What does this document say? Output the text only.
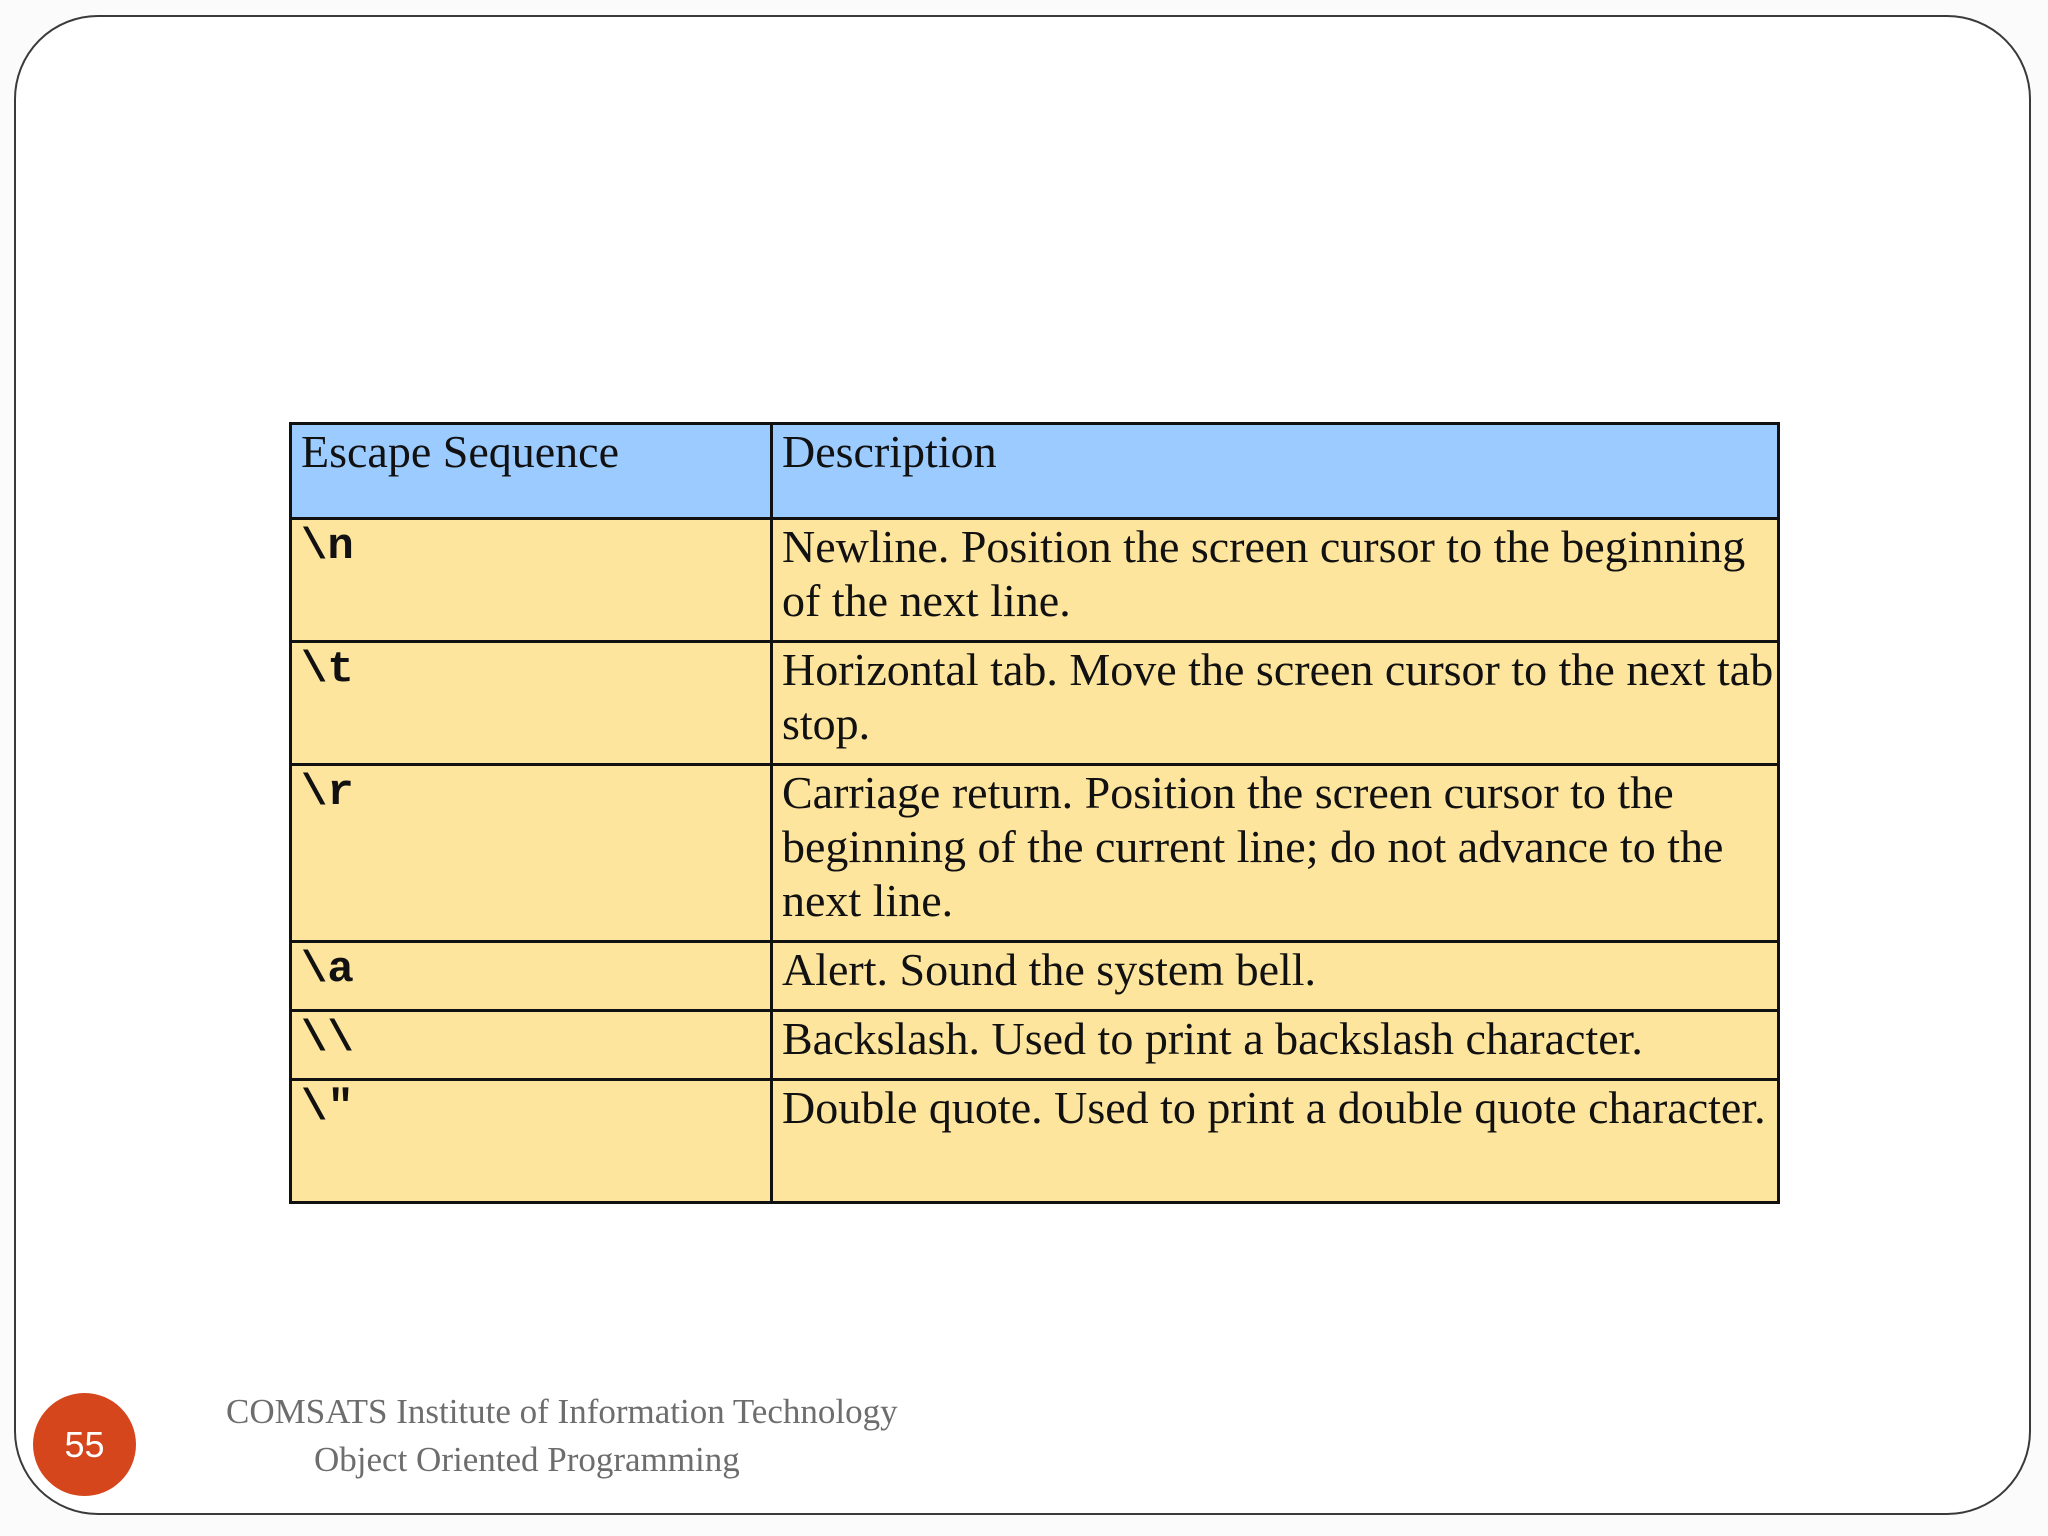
Escape Sequence	Description
\n	Newline. Position the screen cursor to the beginning of the next line.
\t	Horizontal tab. Move the screen cursor to the next tab stop.
\r	Carriage return. Position the screen cursor to the beginning of the current line; do not advance to the next line.
\a	Alert. Sound the system bell.
\\	Backslash. Used to print a backslash character.
\"	Double quote. Used to print a double quote character.
55
COMSATS Institute of Information Technology
Object Oriented Programming
